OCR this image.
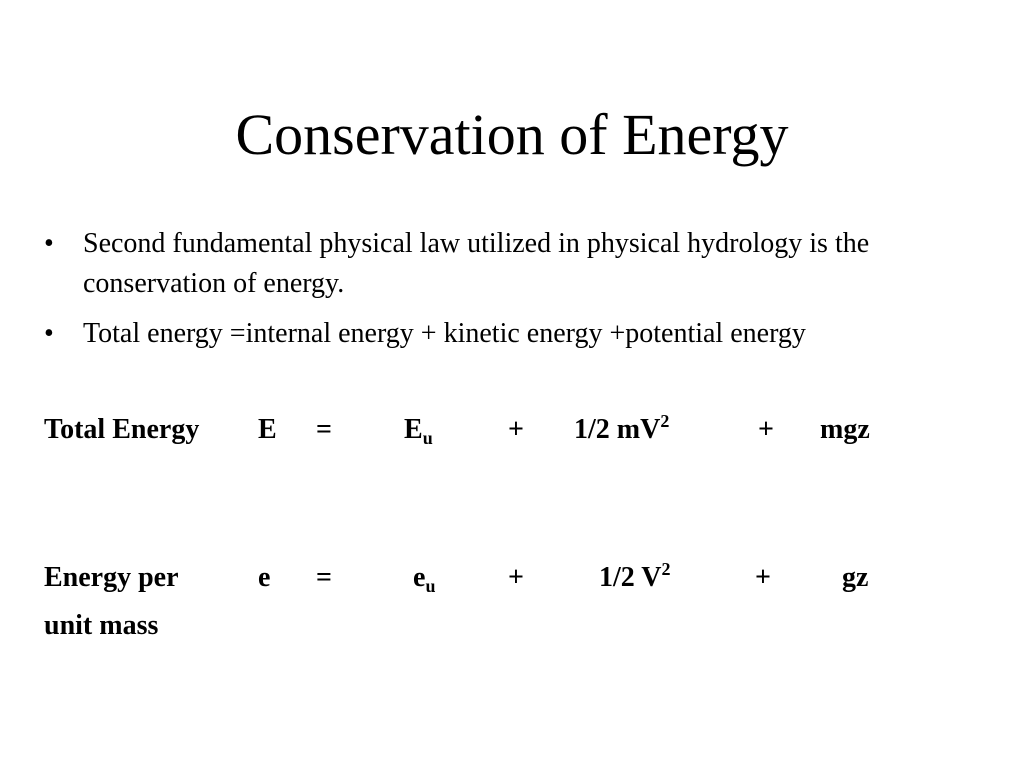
Conservation of Energy
• Second fundamental physical law utilized in physical hydrology is the conservation of energy.
• Total energy =internal energy + kinetic energy +potential energy
Total Energy E =	$E_u$	+ 1/2 $mV^2$	+ mgz
Energy per	e =	$e_u$	+	1/2 $V^2$	+	gz
unit mass
